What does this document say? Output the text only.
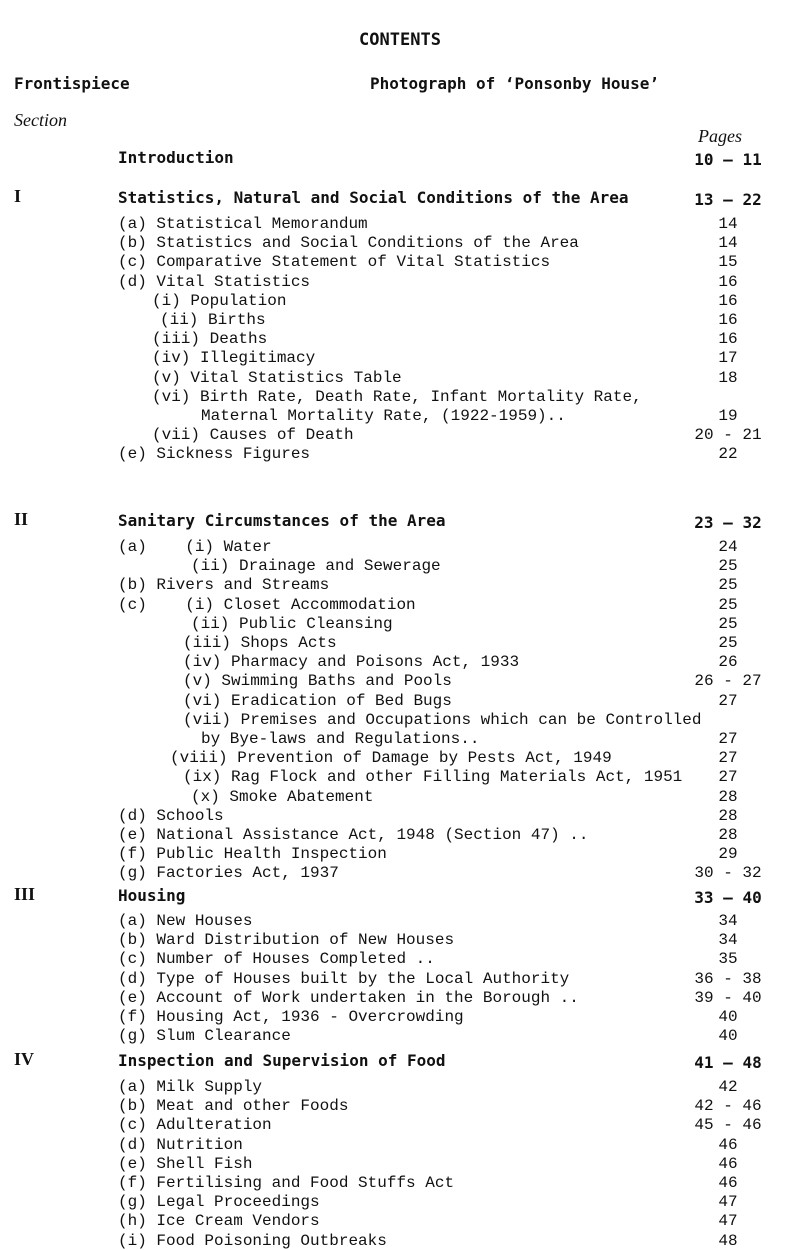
CONTENTS
Frontispiece	Photograph of ‘Ponsonby House’
Section
Pages
Introduction	10 – 11
I	Statistics, Natural and Social Conditions of the Area	13 – 22
(a) Statistical Memorandum	14
(b) Statistics and Social Conditions of the Area	14
(c) Comparative Statement of Vital Statistics	15
(d) Vital Statistics	16
(i) Population	16
(ii) Births	16
(iii) Deaths	16
(iv) Illegitimacy	17
(v) Vital Statistics Table	18
(vi) Birth Rate, Death Rate, Infant Mortality Rate,
Maternal Mortality Rate, (1922-1959)..	19
(vii) Causes of Death	20 - 21
(e) Sickness Figures	22
II	Sanitary Circumstances of the Area	23 – 32
(a)    (i) Water	24
(ii) Drainage and Sewerage	25
(b) Rivers and Streams	25
(c)    (i) Closet Accommodation	25
(ii) Public Cleansing	25
(iii) Shops Acts	25
(iv) Pharmacy and Poisons Act, 1933	26
(v) Swimming Baths and Pools	26 - 27
(vi) Eradication of Bed Bugs	27
(vii) Premises and Occupations which can be Controlled
by Bye-laws and Regulations..	27
(viii) Prevention of Damage by Pests Act, 1949	27
(ix) Rag Flock and other Filling Materials Act, 1951	27
(x) Smoke Abatement	28
(d) Schools	28
(e) National Assistance Act, 1948 (Section 47) ..	28
(f) Public Health Inspection	29
(g) Factories Act, 1937	30 - 32
III	Housing	33 – 40
(a) New Houses	34
(b) Ward Distribution of New Houses	34
(c) Number of Houses Completed ..	35
(d) Type of Houses built by the Local Authority	36 - 38
(e) Account of Work undertaken in the Borough ..	39 - 40
(f) Housing Act, 1936 - Overcrowding	40
(g) Slum Clearance	40
IV	Inspection and Supervision of Food	41 – 48
(a) Milk Supply	42
(b) Meat and other Foods	42 - 46
(c) Adulteration	45 - 46
(d) Nutrition	46
(e) Shell Fish	46
(f) Fertilising and Food Stuffs Act	46
(g) Legal Proceedings	47
(h) Ice Cream Vendors	47
(i) Food Poisoning Outbreaks	48
